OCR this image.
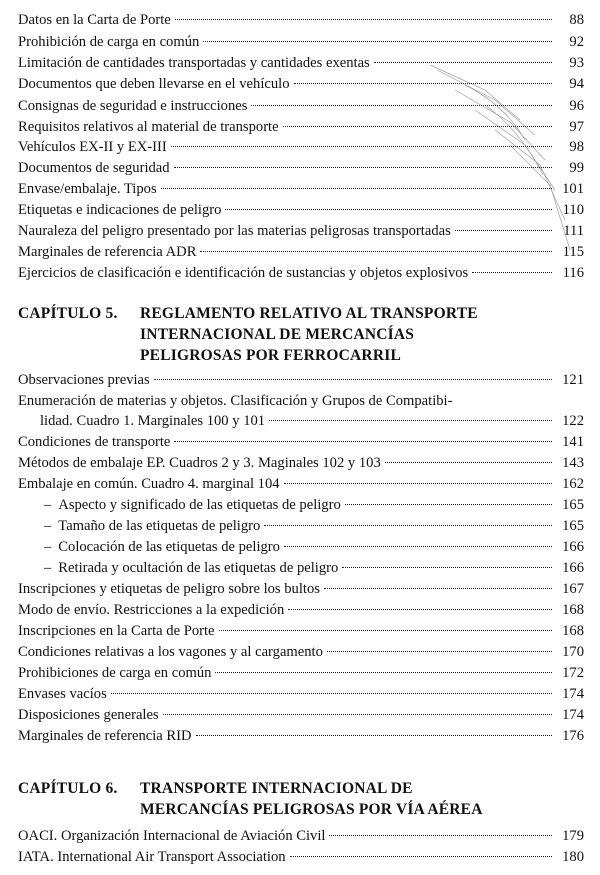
Datos en la Carta de Porte	88
Prohibición de carga en común	92
Limitación de cantidades transportadas y cantidades exentas	93
Documentos que deben llevarse en el vehículo	94
Consignas de seguridad e instrucciones	96
Requisitos relativos al material de transporte	97
Vehículos EX-II y EX-III	98
Documentos de seguridad	99
Envase/embalaje. Tipos	101
Etiquetas e indicaciones de peligro	110
Nauraleza del peligro presentado por las materias peligrosas transportadas	111
Marginales de referencia ADR	115
Ejercicios de clasificación e identificación de sustancias y objetos explosivos	116
CAPÍTULO 5. REGLAMENTO RELATIVO AL TRANSPORTE
INTERNACIONAL DE MERCANCÍAS
PELIGROSAS POR FERROCARRIL
Observaciones previas	121
Enumeración de materias y objetos. Clasificación y Grupos de Compatibi-
lidad. Cuadro 1. Marginales 100 y 101	122
Condiciones de transporte	141
Métodos de embalaje EP. Cuadros 2 y 3. Maginales 102 y 103	143
Embalaje en común. Cuadro 4. marginal 104	162
– Aspecto y significado de las etiquetas de peligro	165
– Tamaño de las etiquetas de peligro	165
– Colocación de las etiquetas de peligro	166
– Retirada y ocultación de las etiquetas de peligro	166
Inscripciones y etiquetas de peligro sobre los bultos	167
Modo de envío. Restricciones a la expedición	168
Inscripciones en la Carta de Porte	168
Condiciones relativas a los vagones y al cargamento	170
Prohibiciones de carga en común	172
Envases vacíos	174
Disposiciones generales	174
Marginales de referencia RID	176
CAPÍTULO 6. TRANSPORTE INTERNACIONAL DE
MERCANCÍAS PELIGROSAS POR VÍA AÉREA
OACI. Organización Internacional de Aviación Civil	179
IATA. International Air Transport Association	180
